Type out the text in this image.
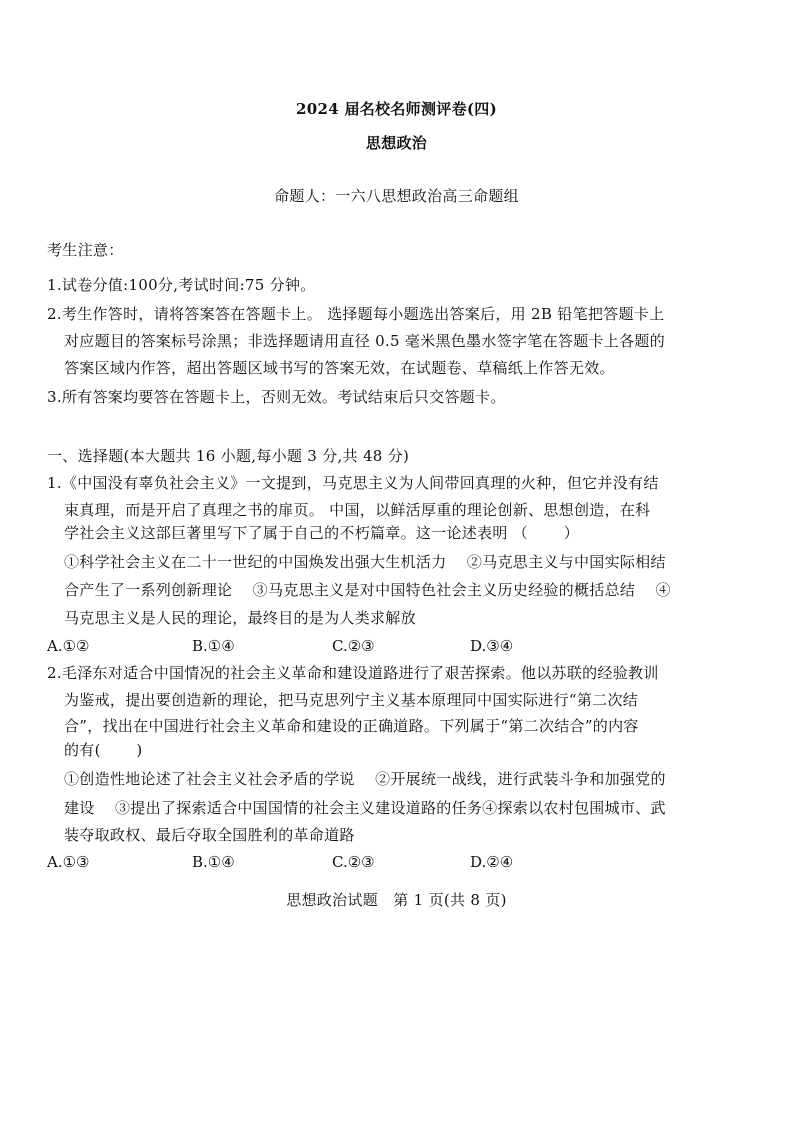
2024 届名校名师测评卷(四)
思想政治
命题人：一六八思想政治高三命题组
考生注意：
1.试卷分值:100分,考试时间:75 分钟。
2.考生作答时，请将答案答在答题卡上。 选择题每小题选出答案后，用 2B 铅笔把答题卡上
对应题目的答案标号涂黑；非选择题请用直径 0.5 毫米黑色墨水签字笔在答题卡上各题的
答案区域内作答，超出答题区域书写的答案无效，在试题卷、草稿纸上作答无效。
3.所有答案均要答在答题卡上，否则无效。考试结束后只交答题卡。
一、选择题(本大题共 16 小题,每小题 3 分,共 48 分)
1.《中国没有辜负社会主义》一文提到，马克思主义为人间带回真理的火种，但它并没有结
束真理，而是开启了真理之书的扉页。 中国，以鲜活厚重的理论创新、思想创造，在科
学社会主义这部巨著里写下了属于自己的不朽篇章。这一论述表明 （　　 ）
①科学社会主义在二十一世纪的中国焕发出强大生机活力　 ②马克思主义与中国实际相结
合产生了一系列创新理论　 ③马克思主义是对中国特色社会主义历史经验的概括总结　 ④
马克思主义是人民的理论，最终目的是为人类求解放
A.①②	B.①④	C.②③	D.③④
2.毛泽东对适合中国情况的社会主义革命和建设道路进行了艰苦探索。他以苏联的经验教训
为鉴戒，提出要创造新的理论，把马克思列宁主义基本原理同中国实际进行“第二次结
合”，找出在中国进行社会主义革命和建设的正确道路。下列属于“第二次结合”的内容
的有(　　 )
①创造性地论述了社会主义社会矛盾的学说　 ②开展统一战线，进行武装斗争和加强党的
建设　 ③提出了探索适合中国国情的社会主义建设道路的任务④探索以农村包围城市、武
装夺取政权、最后夺取全国胜利的革命道路
A.①③	B.①④	C.②③	D.②④
思想政治试题　第 1 页(共 8 页)
